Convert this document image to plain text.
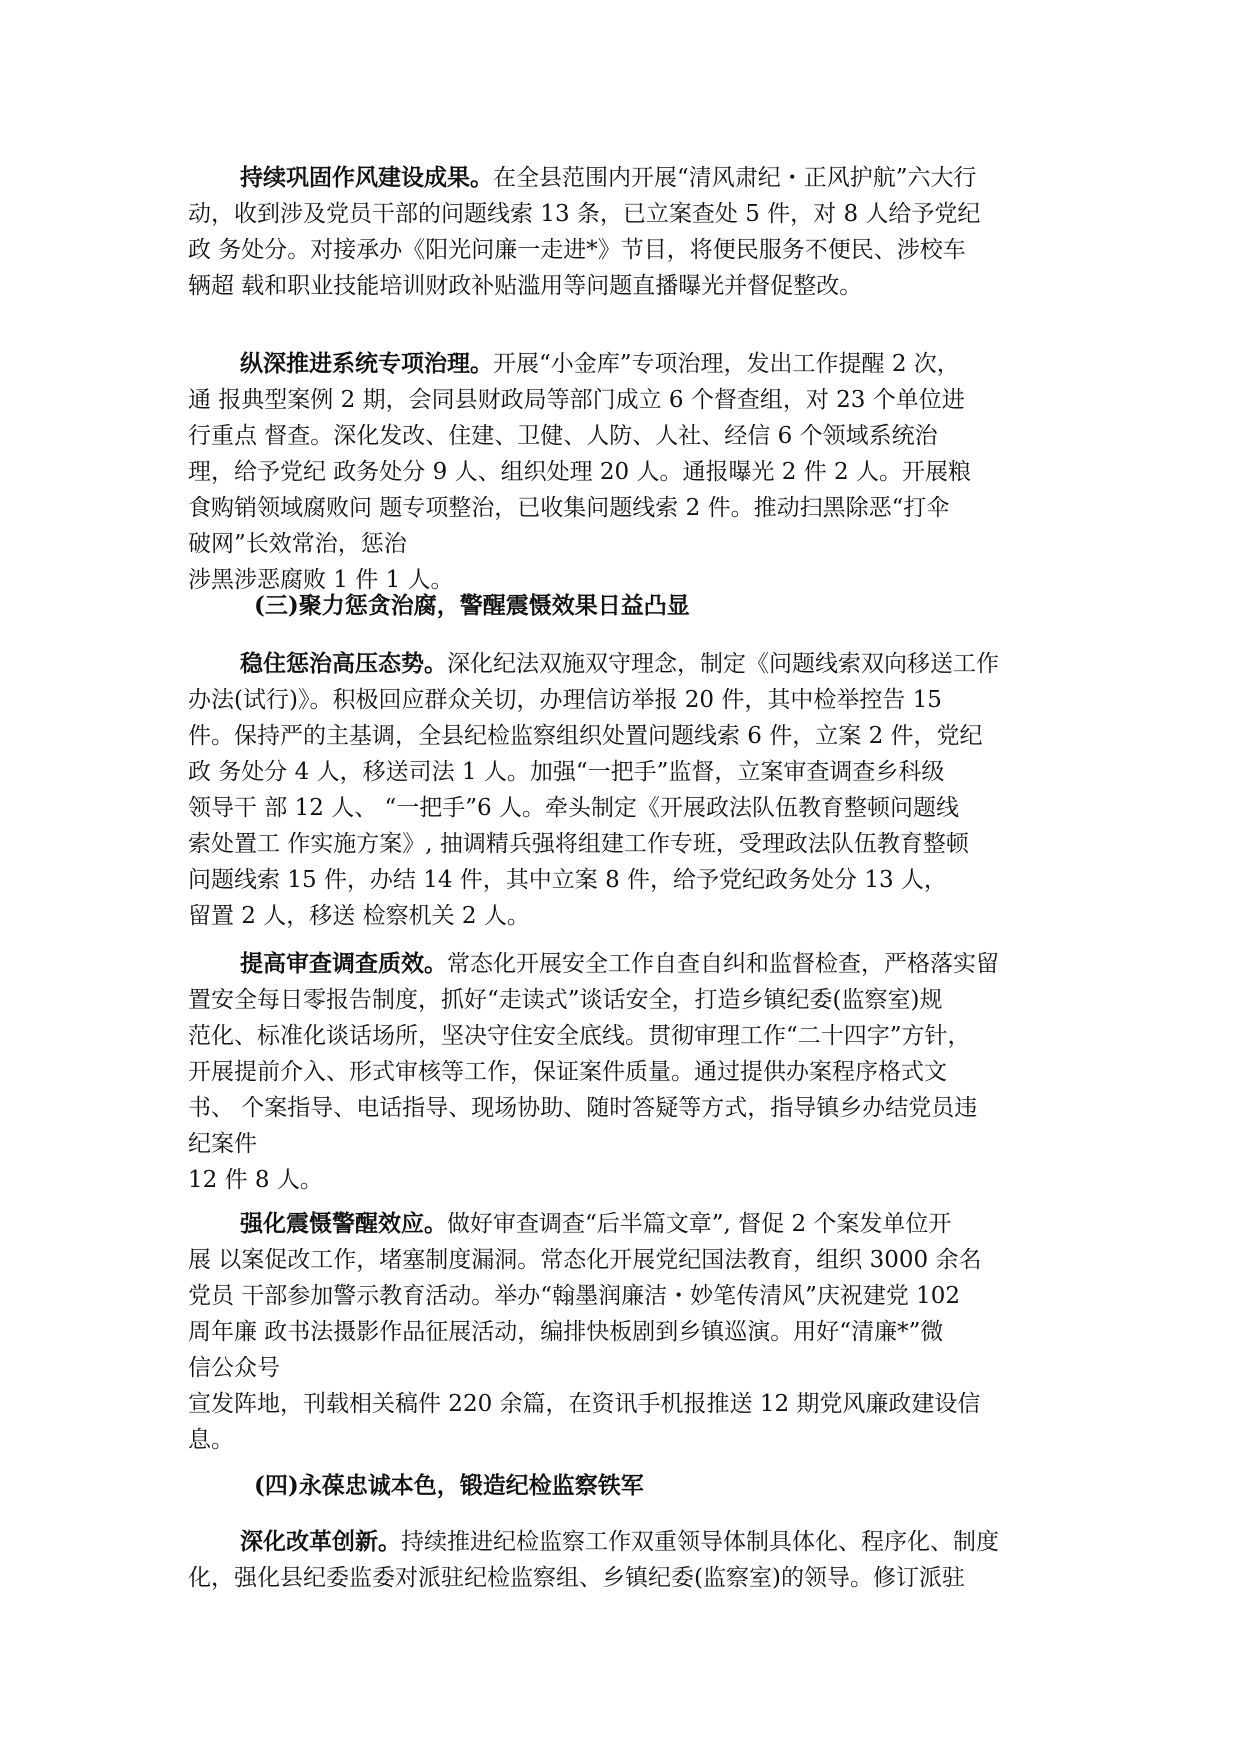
持续巩固作风建设成果。在全县范围内开展“清风肃纪・正风护航”六大行
动，收到涉及党员干部的问题线索 13 条，已立案查处 5 件，对 8 人给予党纪
政 务处分。对接承办《阳光问廉一走进*》节目，将便民服务不便民、涉校车
辆超 载和职业技能培训财政补贴滥用等问题直播曝光并督促整改。
纵深推进系统专项治理。开展“小金库”专项治理，发出工作提醒 2 次，
通 报典型案例 2 期，会同县财政局等部门成立 6 个督查组，对 23 个单位进
行重点 督查。深化发改、住建、卫健、人防、人社、经信 6 个领域系统治
理，给予党纪 政务处分 9 人、组织处理 20 人。通报曝光 2 件 2 人。开展粮
食购销领域腐败问 题专项整治，已收集问题线索 2 件。推动扫黑除恶“打伞
破网”长效常治，惩治
涉黑涉恶腐败 1 件 1 人。
(三)聚力惩贪治腐，警醒震慑效果日益凸显
稳住惩治高压态势。深化纪法双施双守理念，制定《问题线索双向移送工作
办法(试行)》。积极回应群众关切，办理信访举报 20 件，其中检举控告 15
件。保持严的主基调，全县纪检监察组织处置问题线索 6 件，立案 2 件，党纪
政 务处分 4 人，移送司法 1 人。加强“一把手”监督，立案审查调查乡科级
领导干 部 12 人、 “一把手”6 人。牵头制定《开展政法队伍教育整顿问题线
索处置工 作实施方案》, 抽调精兵强将组建工作专班，受理政法队伍教育整顿
问题线索 15 件，办结 14 件，其中立案 8 件，给予党纪政务处分 13 人，
留置 2 人，移送 检察机关 2 人。
提高审查调查质效。常态化开展安全工作自查自纠和监督检查，严格落实留
置安全每日零报告制度，抓好“走读式”谈话安全，打造乡镇纪委(监察室)规
范化、标准化谈话场所，坚决守住安全底线。贯彻审理工作“二十四字”方针，
开展提前介入、形式审核等工作，保证案件质量。通过提供办案程序格式文
书、 个案指导、电话指导、现场协助、随时答疑等方式，指导镇乡办结党员违
纪案件
12 件 8 人。
强化震慑警醒效应。做好审查调查“后半篇文章”, 督促 2 个案发单位开
展 以案促改工作，堵塞制度漏洞。常态化开展党纪国法教育，组织 3000 余名
党员 干部参加警示教育活动。举办“翰墨润廉洁・妙笔传清风”庆祝建党 102
周年廉 政书法摄影作品征展活动，编排快板剧到乡镇巡演。用好“清廉*”微
信公众号
宣发阵地，刊载相关稿件 220 余篇，在资讯手机报推送 12 期党风廉政建设信
息。
(四)永葆忠诚本色，锻造纪检监察铁军
深化改革创新。持续推进纪检监察工作双重领导体制具体化、程序化、制度
化，强化县纪委监委对派驻纪检监察组、乡镇纪委(监察室)的领导。修订派驻
